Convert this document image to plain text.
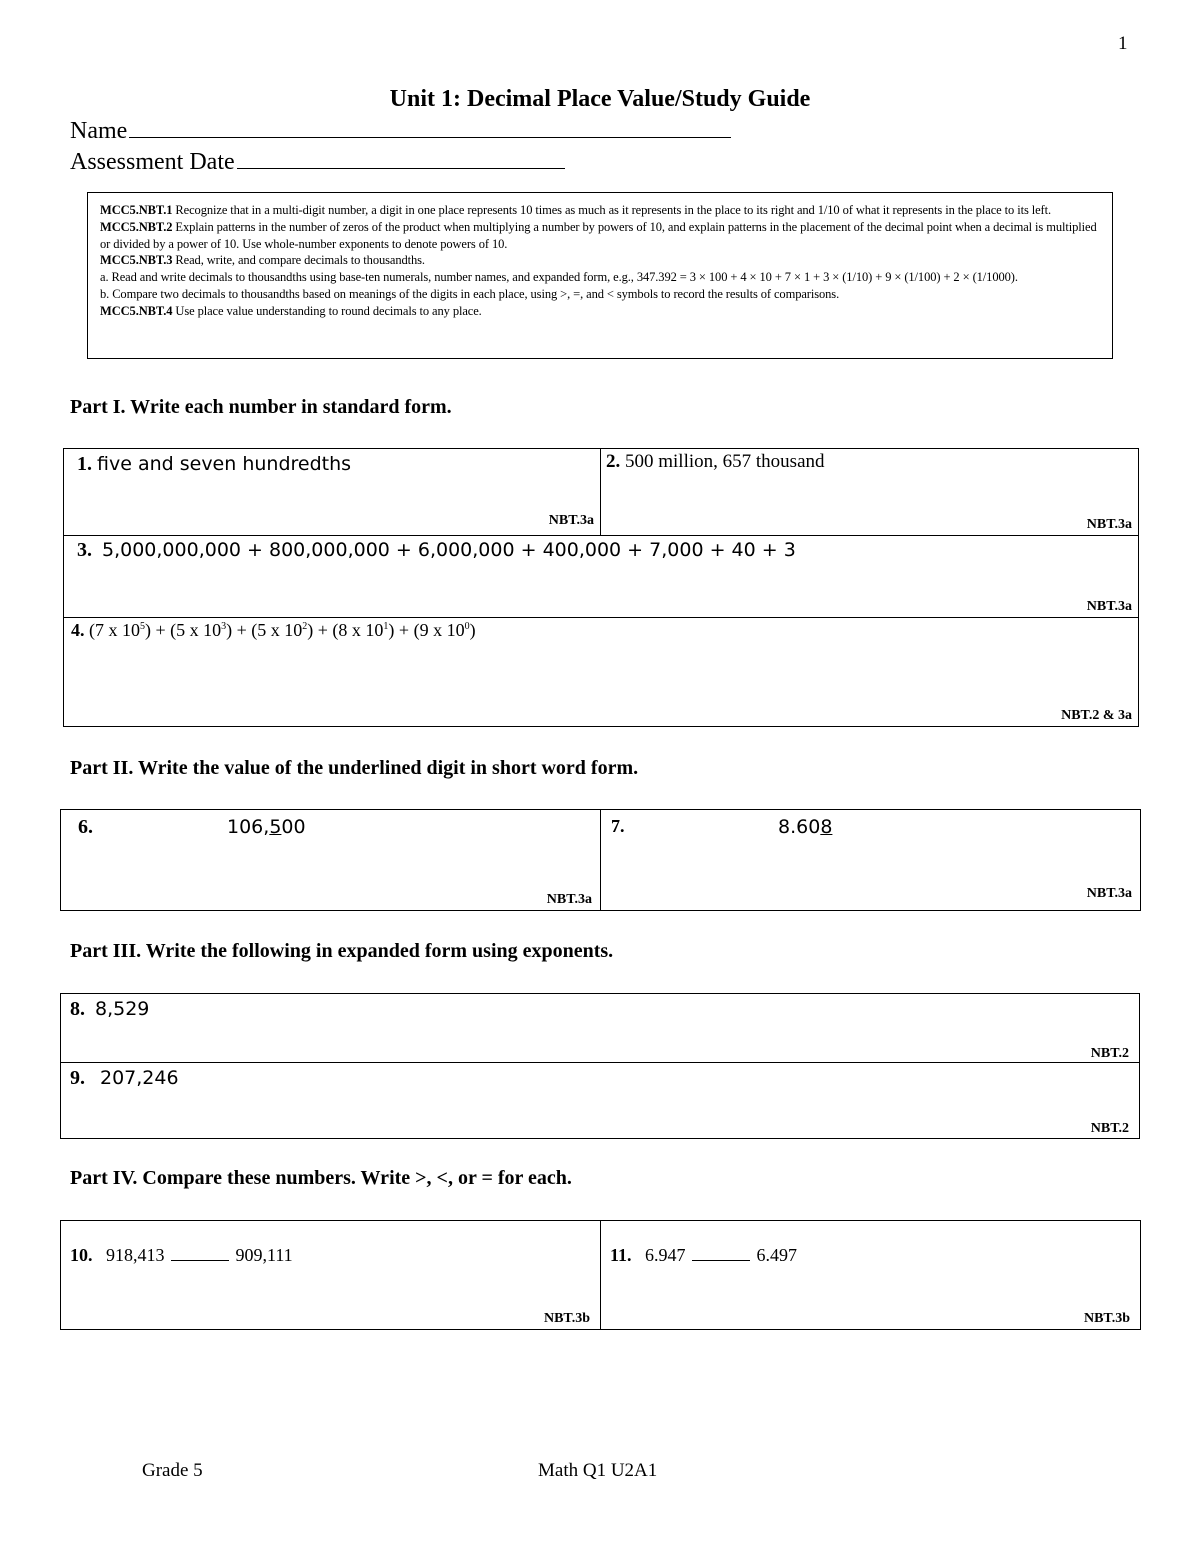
1
Unit 1: Decimal Place Value/Study Guide
Name
Assessment Date

MCC5.NBT.1 Recognize that in a multi-digit number, a digit in one place represents 10 times as much as it represents in the place to its right and 1/10 of what it represents in the place to its left.

MCC5.NBT.2 Explain patterns in the number of zeros of the product when multiplying a number by powers of 10, and explain patterns in the placement of the decimal point when a decimal is multiplied or divided by a power of 10. Use whole-number exponents to denote powers of 10.

MCC5.NBT.3 Read, write, and compare decimals to thousandths.

a. Read and write decimals to thousandths using base-ten numerals, number names, and expanded form, e.g., 347.392 = 3 × 100 + 4 × 10 + 7 × 1 + 3 × (1/10) + 9 × (1/100) + 2 × (1/1000).

b. Compare two decimals to thousandths based on meanings of the digits in each place, using >, =, and < symbols to record the results of comparisons.

MCC5.NBT.4 Use place value understanding to round decimals to any place.

Part I. Write each number in standard form.
1. five and seven hundredths
NBT.3a

2. 500 million, 657 thousand
NBT.3a

3. 5,000,000,000 + 800,000,000 + 6,000,000 + 400,000 + 7,000 + 40 + 3
NBT.3a

4. (7 x $10^5) + (5$ x $10^3) + (5$ x $10^2) + (8$ x $10^1) + (9$ x $10^0$)
NBT.2 & 3a
Part II. Write the value of the underlined digit in short word form.
6.	106,500
NBT.3a

7.	8.608
NBT.3a
Part III. Write the following in expanded form using exponents.
8. 8,529
NBT.2

9. 207,246
NBT.2
Part IV. Compare these numbers. Write >, <, or = for each.
10. 918,413	909,111
NBT.3b

11. 6.947	6.497
NBT.3b
Grade 5	Math Q1 U2A1
